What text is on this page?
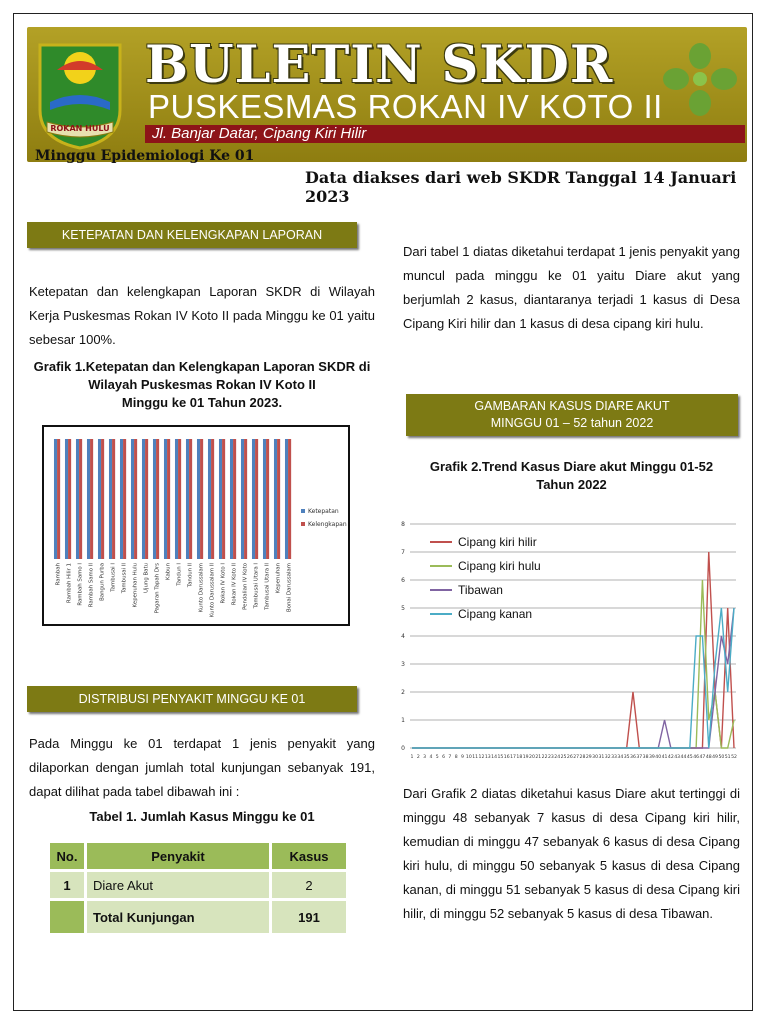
ROKAN HULU
BULETIN SKDR
PUSKESMAS ROKAN IV KOTO II
Jl. Banjar Datar, Cipang Kiri Hilir
Minggu Epidemiologi Ke 01
Data diakses dari web SKDR Tanggal 14 Januari 2023
KETEPATAN DAN KELENGKAPAN LAPORAN
Ketepatan dan kelengkapan Laporan SKDR di Wilayah Kerja Puskesmas Rokan IV Koto II pada Minggu ke 01 yaitu sebesar 100%.
Grafik 1.Ketepatan dan Kelengkapan Laporan SKDR di Wilayah Puskesmas Rokan IV Koto II
Minggu ke 01 Tahun 2023.
Rambah Rambah Hilir 1 Rambah Samo I Rambah Samo II Bangun Purba Tambusai I Tambusai II Kepenuhan Hulu Ujung Batu Pagaran Tapah Drs Kabun Tandun I Tandun II Kunto Darussalam Kunto Darussalam II Rokan IV Koto I Rokan IV Koto II Pendalian IV Koto Tambusai Utara I Tambusai Utara II Kepenuhan Bonai Darussalam
Ketepatan
Kelengkapan
DISTRIBUSI PENYAKIT MINGGU KE 01
Pada Minggu ke 01 terdapat 1 jenis penyakit yang dilaporkan dengan jumlah total kunjungan sebanyak 191, dapat dilihat pada tabel dibawah ini :
Tabel 1. Jumlah Kasus Minggu ke 01
No.	Penyakit	Kasus
1	Diare Akut	2
	Total Kunjungan	191
Dari tabel 1 diatas diketahui terdapat 1 jenis penyakit yang muncul pada minggu ke 01 yaitu Diare akut yang berjumlah 2 kasus, diantaranya terjadi 1 kasus di Desa Cipang Kiri hilir dan 1 kasus di desa cipang kiri hulu.
GAMBARAN KASUS DIARE AKUT
MINGGU 01 – 52 tahun 2022
Grafik 2.Trend Kasus Diare akut Minggu 01-52
Tahun 2022
0
1
2
3
4
5
6
7
8
1 2 3 4 5 6 7 8 9 10 11 12 13 14 15 16 17 18 19 20 21 22 23 24 25 26 27 28 29 30 31 32 33 34 35 36 37 38 39 40 41 42 43 44 45 46 47 48 49 50 51 52
Cipang kiri hilir
Cipang kiri hulu
Tibawan
Cipang kanan
Dari Grafik 2 diatas diketahui kasus Diare akut tertinggi di minggu 48 sebanyak 7 kasus di desa Cipang kiri hilir, kemudian di minggu 47 sebanyak 6 kasus di desa Cipang kiri hulu, di minggu 50 sebanyak 5 kasus di desa Cipang kanan, di minggu 51 sebanyak 5 kasus di desa Cipang kiri hilir, di minggu 52 sebanyak 5 kasus di desa Tibawan.
